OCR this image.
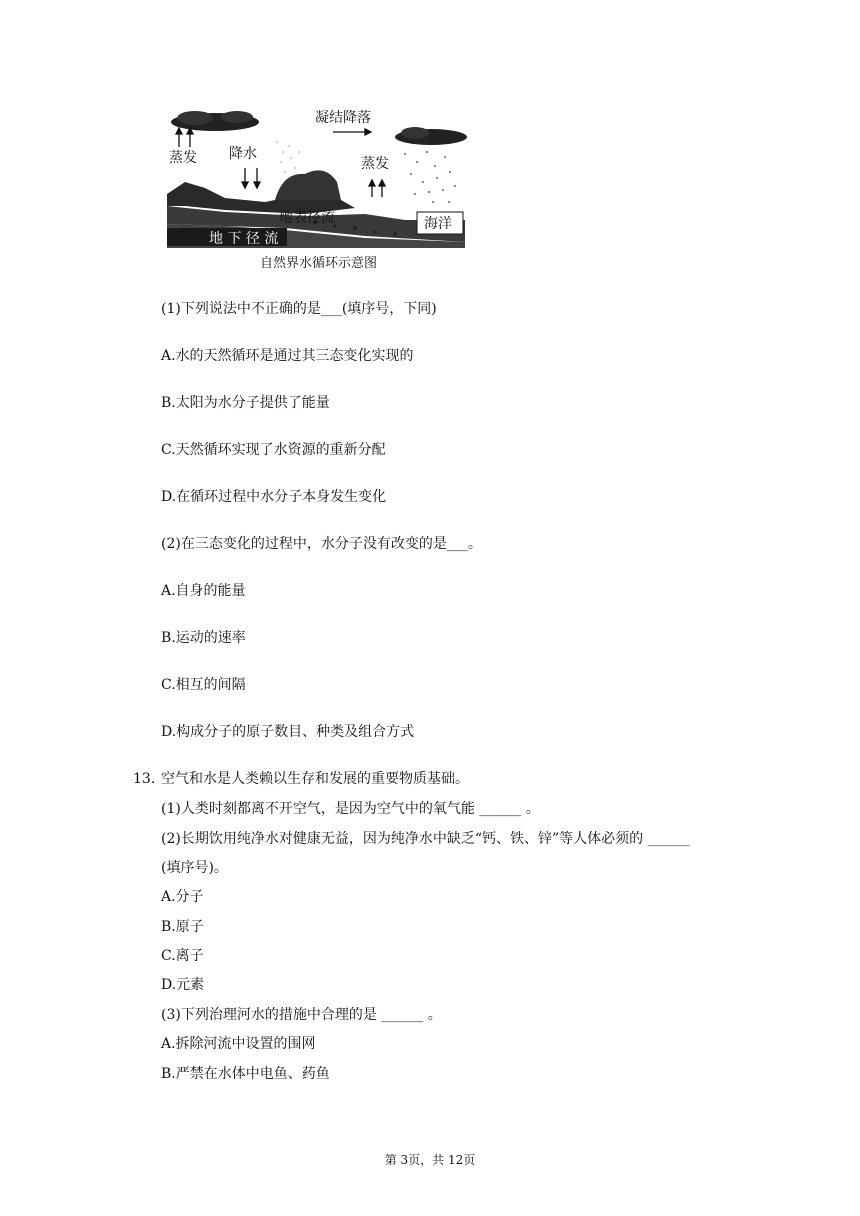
凝结降落
蒸发 降水
蒸发
地表径流	海洋
地 下 径 流
自然界水循环示意图
(1)下列说法中不正确的是___(填序号，下同)
A.水的天然循环是通过其三态变化实现的
B.太阳为水分子提供了能量
C.天然循环实现了水资源的重新分配
D.在循环过程中水分子本身发生变化
(2)在三态变化的过程中，水分子没有改变的是___。
A.自身的能量
B.运动的速率
C.相互的间隔
D.构成分子的原子数目、种类及组合方式
13. 空气和水是人类赖以生存和发展的重要物质基础。
(1)人类时刻都离不开空气，是因为空气中的氧气能 ______ 。
(2)长期饮用纯净水对健康无益，因为纯净水中缺乏“钙、铁、锌”等人体必须的 ______
(填序号)。
A.分子
B.原子
C.离子
D.元素
(3)下列治理河水的措施中合理的是 ______ 。
A.拆除河流中设置的围网
B.严禁在水体中电鱼、药鱼
第 3页，共 12页
